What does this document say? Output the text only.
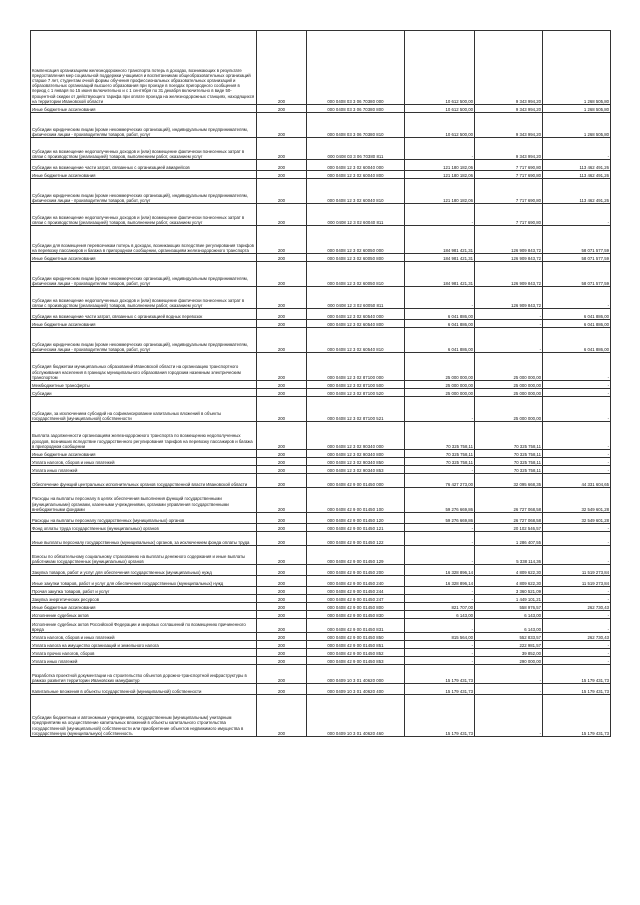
Компенсация организациям железнодорожного транспорта потерь в доходах, возникающих в результате предоставления мер социальной поддержки учащимся и воспитанникам общеобразовательных организаций старше 7 лет, студентам очной формы обучения профессиональных образовательных организаций и образовательных организаций высшего образования при проезде в поездах пригородного сообщения в период с 1 января по 15 июня включительно и с 1 сентября по 31 декабря включительно в виде 50-процентной скидки от действующего тарифа при оплате проезда на железнодорожных станциях, находящихся на территории Ивановской области	200	000 0408 03 3 06 70380 000	10 612 500,00	9 343 994,20	1 268 505,80
Иные бюджетные ассигнования	200	000 0408 03 3 06 70380 800	10 612 500,00	9 343 994,20	1 268 505,80
Субсидии юридическим лицам (кроме некоммерческих организаций), индивидуальным предпринимателям, физическим лицам - производителям товаров, работ, услуг	200	000 0408 03 3 06 70380 810	10 612 500,00	9 343 994,20	1 268 505,80
Субсидии на возмещение недополученных доходов и (или) возмещение фактически понесенных затрат в связи с производством (реализацией) товаров, выполнением работ, оказанием услуг	200	000 0408 03 3 06 70380 811	-	9 343 994,20	-
Субсидии на возмещение части затрат, связанных с организацией авиарейсов	200	000 0408 12 3 02 60040 000	121 180 182,06	7 717 690,80	113 462 491,26
Иные бюджетные ассигнования	200	000 0408 12 3 02 60040 800	121 180 182,06	7 717 690,80	113 462 491,26
Субсидии юридическим лицам (кроме некоммерческих организаций), индивидуальным предпринимателям, физическим лицам - производителям товаров, работ, услуг	200	000 0408 12 3 02 60040 810	121 180 182,06	7 717 690,80	113 462 491,26
Субсидии на возмещение недополученных доходов и (или) возмещение фактически понесенных затрат в связи с производством (реализацией) товаров, выполнением работ, оказанием услуг	200	000 0408 12 3 02 60040 811	-	7 717 690,80	-
Субсидии для возмещения перевозчикам потерь в доходах, возникающих вследствие регулирования тарифов на перевозку пассажиров и багажа в пригородном сообщении, организациям железнодорожного транспорта	200	000 0408 12 3 02 60050 000	184 981 421,31	126 909 843,72	58 071 577,59
Иные бюджетные ассигнования	200	000 0408 12 3 02 60050 800	184 981 421,31	126 909 843,72	58 071 577,59
Субсидии юридическим лицам (кроме некоммерческих организаций), индивидуальным предпринимателям, физическим лицам - производителям товаров, работ, услуг	200	000 0408 12 3 02 60050 810	184 981 421,31	126 909 843,72	58 071 577,59
Субсидии на возмещение недополученных доходов и (или) возмещение фактически понесенных затрат в связи с производством (реализацией) товаров, выполнением работ, оказанием услуг	200	000 0408 12 3 02 60050 811	-	126 909 843,72	-
Субсидии на возмещение части затрат, связанных с организацией водных перевозок	200	000 0408 12 3 02 60540 000	6 041 886,00	-	6 041 886,00
Иные бюджетные ассигнования	200	000 0408 12 3 02 60540 800	6 041 886,00	-	6 041 886,00
Субсидии юридическим лицам (кроме некоммерческих организаций), индивидуальным предпринимателям, физическим лицам - производителям товаров, работ, услуг	200	000 0408 12 3 02 60540 810	6 041 886,00	-	6 041 886,00
Субсидия бюджетам муниципальных образований Ивановской области на организацию транспортного обслуживания населения в границах муниципального образования городским наземным электрическим транспортом	200	000 0408 12 3 02 87100 000	25 000 000,00	25 000 000,00	-
Межбюджетные трансферты	200	000 0408 12 3 02 87100 500	25 000 000,00	25 000 000,00	-
Субсидии	200	000 0408 12 3 02 87100 520	25 000 000,00	25 000 000,00	-
Субсидии, за исключением субсидий на софинансирование капитальных вложений в объекты государственной (муниципальной) собственности	200	000 0408 12 3 02 87100 521	-	25 000 000,00	-
Выплата задолженности организациям железнодорожного транспорта по возмещению недополученных доходов, возникших вследствие государственного регулирования тарифов на перевозку пассажиров и багажа в пригородном сообщении	200	000 0408 12 3 02 90340 000	70 325 758,11	70 325 758,11	-
Иные бюджетные ассигнования	200	000 0408 12 3 02 90340 800	70 325 758,11	70 325 758,11	-
Уплата налогов, сборов и иных платежей	200	000 0408 12 3 02 90340 850	70 325 758,11	70 325 758,11	-
Уплата иных платежей	200	000 0408 12 3 02 90340 853	-	70 325 758,11	-
Обеспечение функций центральных исполнительных органов государственной власти Ивановской области	200	000 0408 42 9 00 01450 000	76 427 273,00	32 095 668,35	44 331 604,65
Расходы на выплаты персоналу в целях обеспечения выполнения функций государственными (муниципальными) органами, казенными учреждениями, органами управления государственными внебюджетными фондами	200	000 0408 42 9 00 01450 100	59 276 669,86	26 727 068,58	32 549 601,28
Расходы на выплаты персоналу государственных (муниципальных) органов	200	000 0408 42 9 00 01450 120	59 276 669,86	26 727 068,58	32 549 601,28
Фонд оплаты труда государственных (муниципальных) органов	200	000 0408 42 9 00 01450 121	-	20 102 546,57	-
Иные выплаты персоналу государственных (муниципальных) органов, за исключением фонда оплаты труда	200	000 0408 42 9 00 01450 122	-	1 286 407,55	-
Взносы по обязательному социальному страхованию на выплаты денежного содержания и иные выплаты работникам государственных (муниципальных) органов	200	000 0408 42 9 00 01450 129	-	5 338 114,36	-
Закупка товаров, работ и услуг для обеспечения государственных (муниципальных) нужд	200	000 0408 42 9 00 01450 200	16 328 896,14	4 809 622,30	11 519 273,84
Иные закупки товаров, работ и услуг для обеспечения государственных (муниципальных) нужд	200	000 0408 42 9 00 01450 240	16 328 896,14	4 809 622,30	11 519 273,84
Прочая закупка товаров, работ и услуг	200	000 0408 42 9 00 01450 244	-	3 360 521,09	-
Закупка энергетических ресурсов	200	000 0408 42 9 00 01450 247	-	1 449 101,21	-
Иные бюджетные ассигнования	200	000 0408 42 9 00 01450 800	821 707,00	558 976,57	262 730,43
Исполнение судебных актов	200	000 0408 42 9 00 01450 830	6 143,00	6 143,00	-
Исполнение судебных актов Российской Федерации и мировых соглашений по возмещению причиненного вреда	200	000 0408 42 9 00 01450 831	-	6 143,00	-
Уплата налогов, сборов и иных платежей	200	000 0408 42 9 00 01450 850	815 564,00	552 833,57	262 730,43
Уплата налога на имущество организаций и земельного налога	200	000 0408 42 9 00 01450 851	-	222 981,57	-
Уплата прочих налогов, сборов	200	000 0408 42 9 00 01450 852	-	39 852,00	-
Уплата иных платежей	200	000 0408 42 9 00 01450 853	-	290 000,00	-
Разработка проектной документации на строительство объектов дорожно-транспортной инфраструктуры в рамках развития территории Ивановских мануфактур	200	000 0409 10 3 01 40620 000	15 179 431,73	-	15 179 431,73
Капитальные вложения в объекты государственной (муниципальной) собственности	200	000 0409 10 3 01 40620 400	15 179 431,73	-	15 179 431,73
Субсидии бюджетным и автономным учреждениям, государственным (муниципальным) унитарным предприятиям на осуществление капитальных вложений в объекты капитального строительства государственной (муниципальной) собственности или приобретение объектов недвижимого имущества в государственную (муниципальную) собственность	200	000 0409 10 3 01 40620 460	15 179 431,73	-	15 179 431,73
